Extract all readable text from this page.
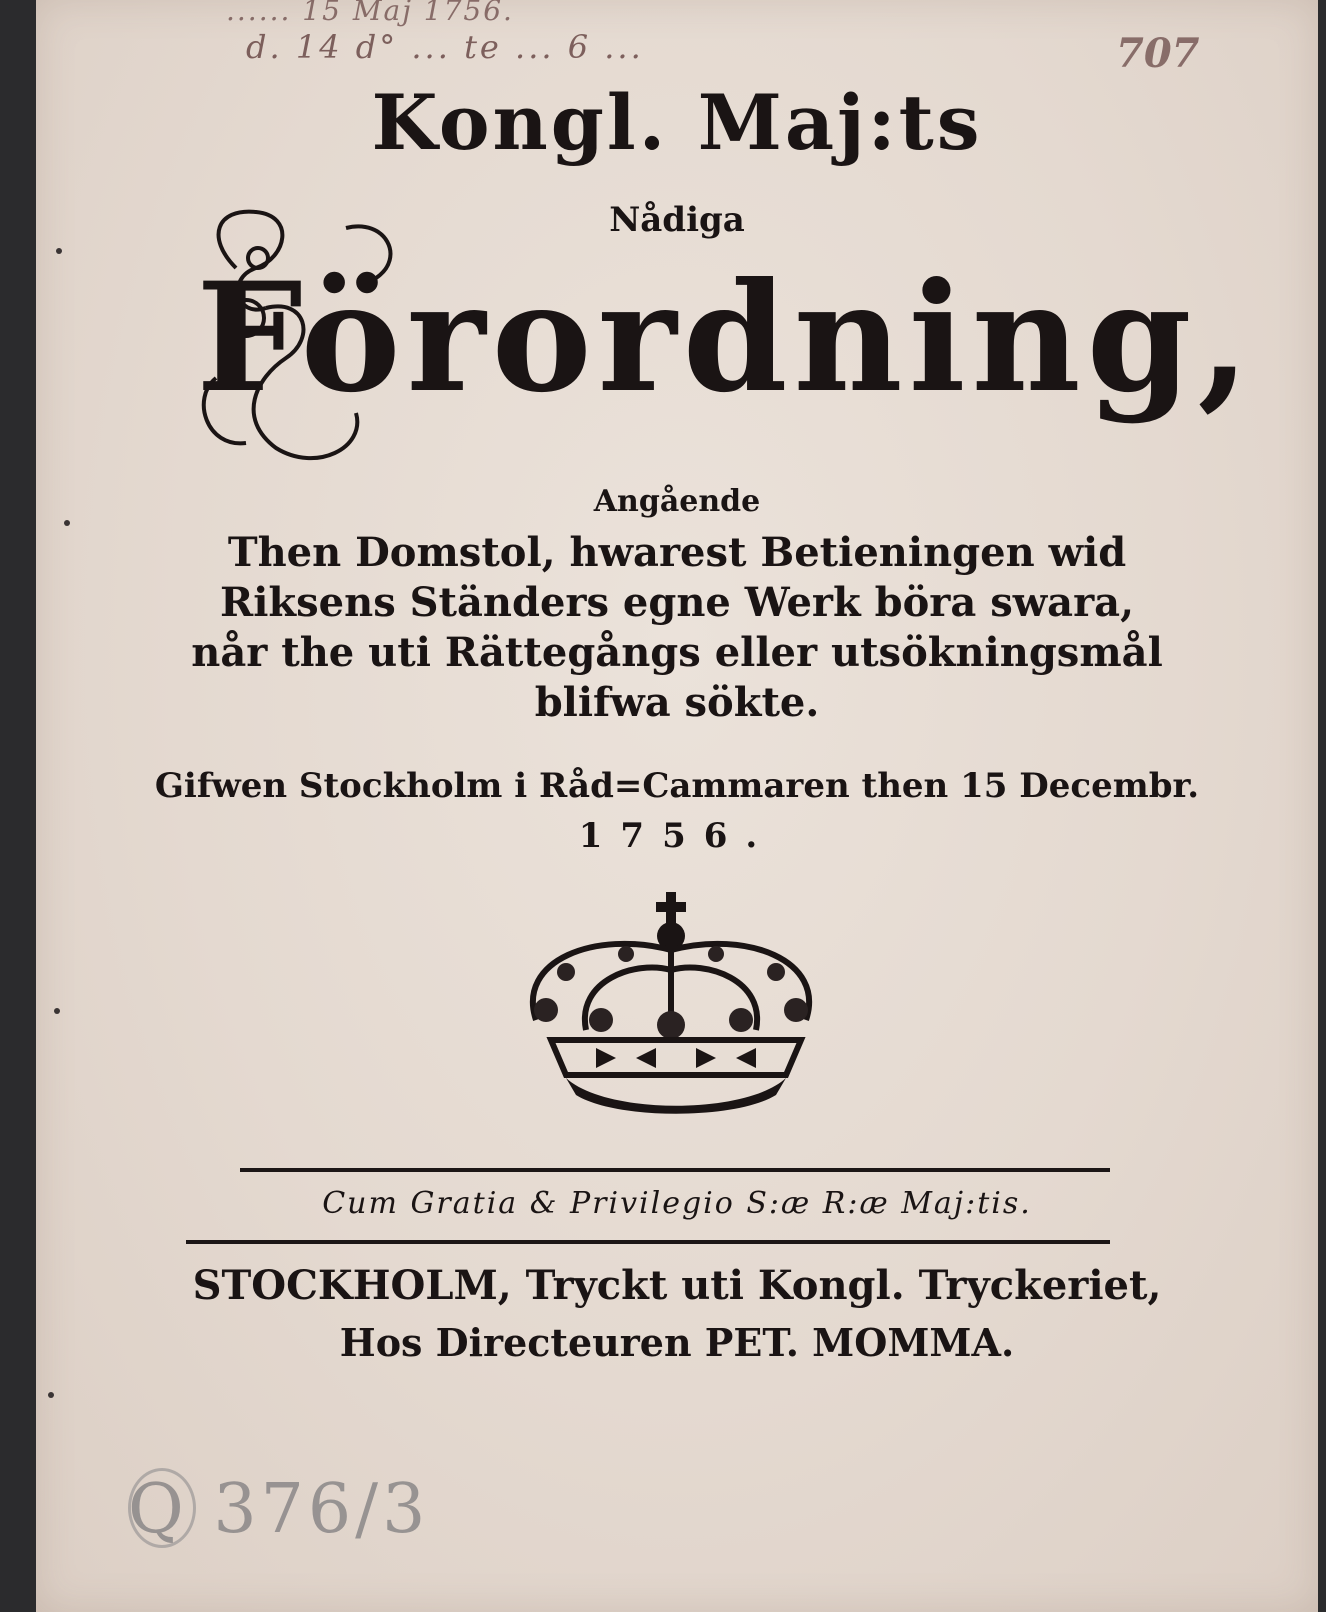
...... 15 Maj 1756.
d. 14 d° ... te ... 6 ...	707
Kongl. Maj:ts
Nådiga
Förordning,
Angående
Then Domstol, hwarest Betieningen wid Riksens Ständers egne Werk böra swara, når the uti Rättegångs eller utsökningsmål blifwa sökte.
Gifwen Stockholm i Råd=Cammaren then 15 Decembr.
1756.
Cum Gratia & Privilegio S:æ R:æ Maj:tis.
STOCKHOLM, Tryckt uti Kongl. Tryckeriet,
Hos Directeuren PET. MOMMA.
Q 376/3
